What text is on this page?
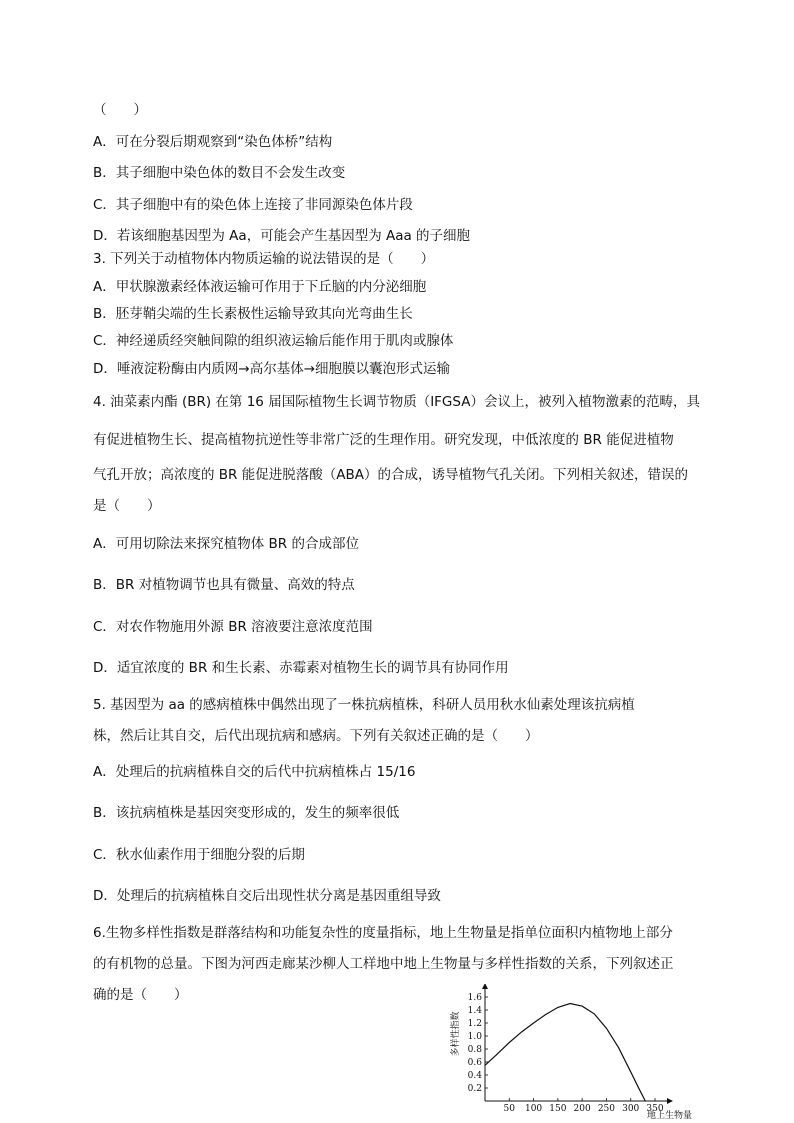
（　　）
A．可在分裂后期观察到“染色体桥”结构
B．其子细胞中染色体的数目不会发生改变
C．其子细胞中有的染色体上连接了非同源染色体片段
D．若该细胞基因型为 Aa，可能会产生基因型为 Aaa 的子细胞
3. 下列关于动植物体内物质运输的说法错误的是（　　）
A．甲状腺激素经体液运输可作用于下丘脑的内分泌细胞
B．胚芽鞘尖端的生长素极性运输导致其向光弯曲生长
C．神经递质经突触间隙的组织液运输后能作用于肌肉或腺体
D．唾液淀粉酶由内质网→高尔基体→细胞膜以囊泡形式运输
4. 油菜素内酯 (BR) 在第 16 届国际植物生长调节物质（IFGSA）会议上，被列入植物激素的范畴，具
有促进植物生长、提高植物抗逆性等非常广泛的生理作用。研究发现，中低浓度的 BR 能促进植物
气孔开放；高浓度的 BR 能促进脱落酸（ABA）的合成，诱导植物气孔关闭。下列相关叙述，错误的
是（　　）
A．可用切除法来探究植物体 BR 的合成部位
B．BR 对植物调节也具有微量、高效的特点
C．对农作物施用外源 BR 溶液要注意浓度范围
D．适宜浓度的 BR 和生长素、赤霉素对植物生长的调节具有协同作用
5. 基因型为 aa 的感病植株中偶然出现了一株抗病植株，科研人员用秋水仙素处理该抗病植
株，然后让其自交，后代出现抗病和感病。下列有关叙述正确的是（　　）
A．处理后的抗病植株自交的后代中抗病植株占 15/16
B．该抗病植株是基因突变形成的，发生的频率很低
C．秋水仙素作用于细胞分裂的后期
D．处理后的抗病植株自交后出现性状分离是基因重组导致
6.生物多样性指数是群落结构和功能复杂性的度量指标，地上生物量是指单位面积内植物地上部分
的有机物的总量。下图为河西走廊某沙柳人工样地中地上生物量与多样性指数的关系，下列叙述正
确的是（　　）
50 100 150 200 250 300 350
0.2
0.4
0.6
0.8
1.0
1.2
1.4
1.6
多样性指数
地上生物量
